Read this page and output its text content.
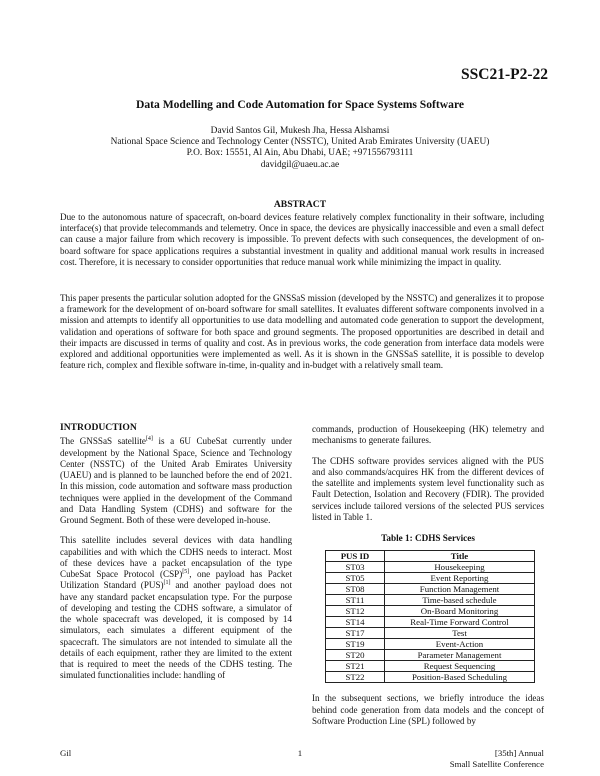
SSC21-P2-22
Data Modelling and Code Automation for Space Systems Software
David Santos Gil, Mukesh Jha, Hessa Alshamsi
National Space Science and Technology Center (NSSTC), United Arab Emirates University (UAEU)
P.O. Box: 15551, Al Ain, Abu Dhabi, UAE; +971556793111
davidgil@uaeu.ac.ae
ABSTRACT

Due to the autonomous nature of spacecraft, on-board devices feature relatively complex functionality in their software, including interface(s) that provide telecommands and telemetry. Once in space, the devices are physically inaccessible and even a small defect can cause a major failure from which recovery is impossible. To prevent defects with such consequences, the development of on-board software for space applications requires a substantial investment in quality and additional manual work results in increased cost. Therefore, it is necessary to consider opportunities that reduce manual work while minimizing the impact in quality.

This paper presents the particular solution adopted for the GNSSaS mission (developed by the NSSTC) and generalizes it to propose a framework for the development of on-board software for small satellites. It evaluates different software components involved in a mission and attempts to identify all opportunities to use data modelling and automated code generation to support the development, validation and operations of software for both space and ground segments. The proposed opportunities are described in detail and their impacts are discussed in terms of quality and cost. As in previous works, the code generation from interface data models were explored and additional opportunities were implemented as well. As it is shown in the GNSSaS satellite, it is possible to develop feature rich, complex and flexible software in-time, in-quality and in-budget with a relatively small team.

INTRODUCTION

The GNSSaS satellite[4] is a 6U CubeSat currently under development by the National Space, Science and Technology Center (NSSTC) of the United Arab Emirates University (UAEU) and is planned to be launched before the end of 2021. In this mission, code automation and software mass production techniques were applied in the development of the Command and Data Handling System (CDHS) and software for the Ground Segment. Both of these were developed in-house.

This satellite includes several devices with data handling capabilities and with which the CDHS needs to interact. Most of these devices have a packet encapsulation of the type CubeSat Space Protocol (CSP)[5], one payload has Packet Utilization Standard (PUS)[1] and another payload does not have any standard packet encapsulation type. For the purpose of developing and testing the CDHS software, a simulator of the whole spacecraft was developed, it is composed by 14 simulators, each simulates a different equipment of the spacecraft. The simulators are not intended to simulate all the details of each equipment, rather they are limited to the extent that is required to meet the needs of the CDHS testing. The simulated functionalities include: handling of

commands, production of Housekeeping (HK) telemetry and mechanisms to generate failures.

The CDHS software provides services aligned with the PUS and also commands/acquires HK from the different devices of the satellite and implements system level functionality such as Fault Detection, Isolation and Recovery (FDIR). The provided services include tailored versions of the selected PUS services listed in Table 1.

Table 1: CDHS Services
PUS ID	Title
ST03	Housekeeping
ST05	Event Reporting
ST08	Function Management
ST11	Time-based schedule
ST12	On-Board Monitoring
ST14	Real-Time Forward Control
ST17	Test
ST19	Event-Action
ST20	Parameter Management
ST21	Request Sequencing
ST22	Position-Based Scheduling

In the subsequent sections, we briefly introduce the ideas behind code generation from data models and the concept of Software Production Line (SPL) followed by

Gil	1	[35th] Annual
Small Satellite Conference
